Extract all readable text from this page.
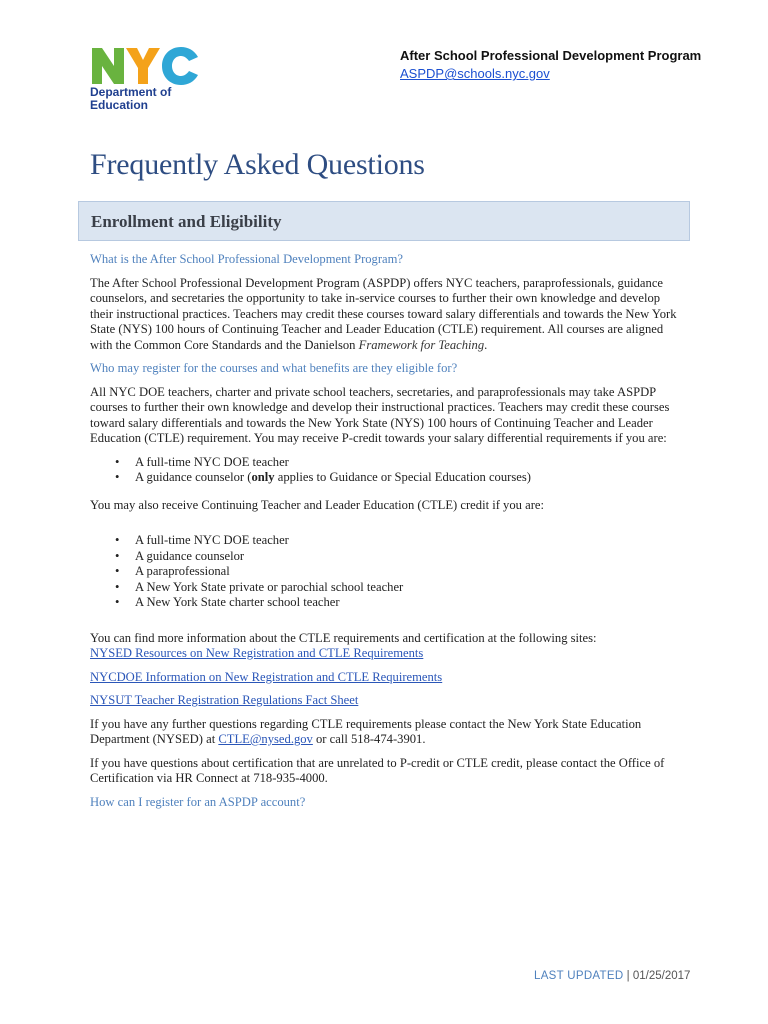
Department of
Education
After School Professional Development Program
ASPDP@schools.nyc.gov
Frequently Asked Questions
Enrollment and Eligibility
What is the After School Professional Development Program?
The After School Professional Development Program (ASPDP) offers NYC teachers, paraprofessionals, guidance counselors, and secretaries the opportunity to take in-service courses to further their own knowledge and develop their instructional practices. Teachers may credit these courses toward salary differentials and towards the New York State (NYS) 100 hours of Continuing Teacher and Leader Education (CTLE) requirement. All courses are aligned with the Common Core Standards and the Danielson Framework for Teaching.
Who may register for the courses and what benefits are they eligible for?
All NYC DOE teachers, charter and private school teachers, secretaries, and paraprofessionals may take ASPDP courses to further their own knowledge and develop their instructional practices. Teachers may credit these courses toward salary differentials and towards the New York State (NYS) 100 hours of Continuing Teacher and Leader Education (CTLE) requirement. You may receive P-credit towards your salary differential requirements if you are:
• A full-time NYC DOE teacher
• A guidance counselor (only applies to Guidance or Special Education courses)
You may also receive Continuing Teacher and Leader Education (CTLE) credit if you are:
• A full-time NYC DOE teacher
• A guidance counselor
• A paraprofessional
• A New York State private or parochial school teacher
• A New York State charter school teacher
You can find more information about the CTLE requirements and certification at the following sites:
NYSED Resources on New Registration and CTLE Requirements
NYCDOE Information on New Registration and CTLE Requirements
NYSUT Teacher Registration Regulations Fact Sheet
If you have any further questions regarding CTLE requirements please contact the New York State Education Department (NYSED) at CTLE@nysed.gov or call 518-474-3901.
If you have questions about certification that are unrelated to P-credit or CTLE credit, please contact the Office of Certification via HR Connect at 718-935-4000.
How can I register for an ASPDP account?
LAST UPDATED | 01/25/2017
